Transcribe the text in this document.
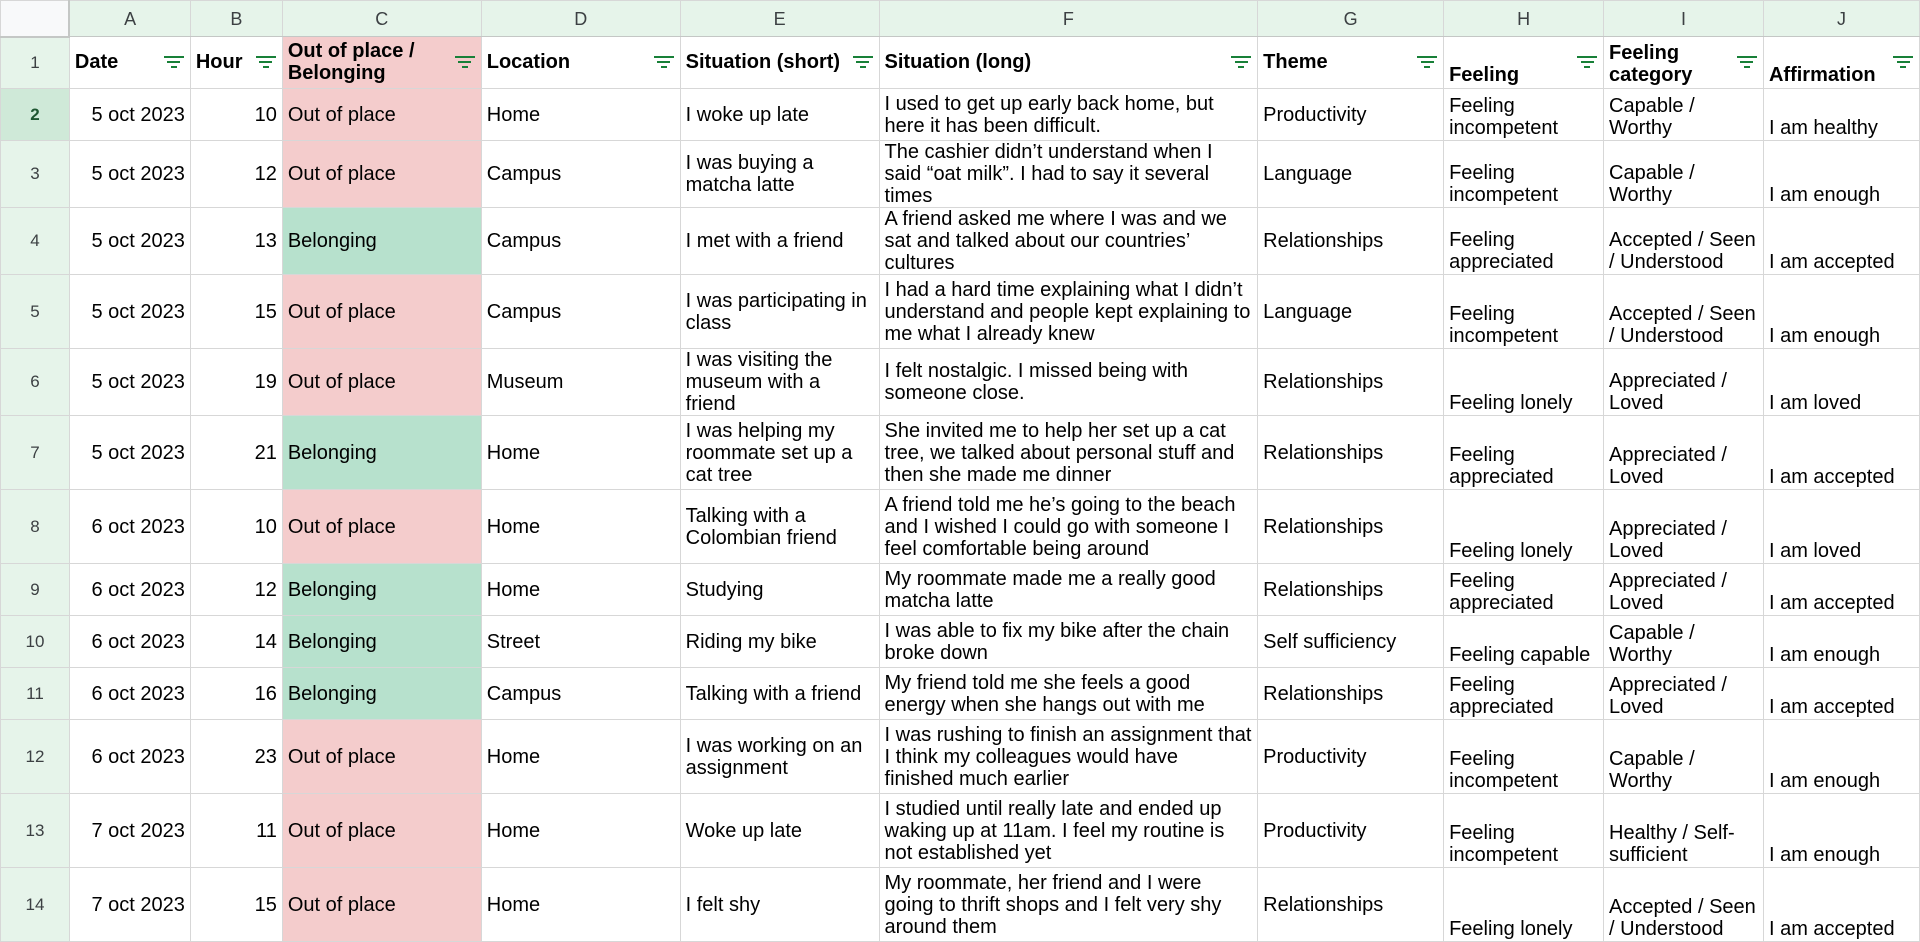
	A	B	C	D	E	F	G	H	I	J
1	Date	Hour	Out of place / Belonging	Location	Situation (short)	Situation (long)	Theme	Feeling	Feeling category	Affirmation

2	5 oct 2023	10	Out of place	Home	I woke up late	I used to get up early back home, but here it has been difficult.	Productivity	Feeling incompetent	Capable / Worthy	I am healthy
3	5 oct 2023	12	Out of place	Campus	I was buying a matcha latte	The cashier didn’t understand when I said “oat milk”. I had to say it several times	Language	Feeling incompetent	Capable / Worthy	I am enough
4	5 oct 2023	13	Belonging	Campus	I met with a friend	A friend asked me where I was and we sat and talked about our countries’ cultures	Relationships	Feeling appreciated	Accepted / Seen / Understood	I am accepted
5	5 oct 2023	15	Out of place	Campus	I was participating in class	I had a hard time explaining what I didn’t understand and people kept explaining to me what I already knew	Language	Feeling incompetent	Accepted / Seen / Understood	I am enough
6	5 oct 2023	19	Out of place	Museum	I was visiting the museum with a friend	I felt nostalgic. I missed being with someone close.	Relationships	Feeling lonely	Appreciated / Loved	I am loved
7	5 oct 2023	21	Belonging	Home	I was helping my roommate set up a cat tree	She invited me to help her set up a cat tree, we talked about personal stuff and then she made me dinner	Relationships	Feeling appreciated	Appreciated / Loved	I am accepted
8	6 oct 2023	10	Out of place	Home	Talking with a Colombian friend	A friend told me he’s going to the beach and I wished I could go with someone I feel comfortable being around	Relationships	Feeling lonely	Appreciated / Loved	I am loved
9	6 oct 2023	12	Belonging	Home	Studying	My roommate made me a really good matcha latte	Relationships	Feeling appreciated	Appreciated / Loved	I am accepted
10	6 oct 2023	14	Belonging	Street	Riding my bike	I was able to fix my bike after the chain broke down	Self sufficiency	Feeling capable	Capable / Worthy	I am enough
11	6 oct 2023	16	Belonging	Campus	Talking with a friend	My friend told me she feels a good energy when she hangs out with me	Relationships	Feeling appreciated	Appreciated / Loved	I am accepted
12	6 oct 2023	23	Out of place	Home	I was working on an assignment	I was rushing to finish an assignment that I think my colleagues would have finished much earlier	Productivity	Feeling incompetent	Capable / Worthy	I am enough
13	7 oct 2023	11	Out of place	Home	Woke up late	I studied until really late and ended up waking up at 11am. I feel my routine is not established yet	Productivity	Feeling incompetent	Healthy / Self-sufficient	I am enough
14	7 oct 2023	15	Out of place	Home	I felt shy	My roommate, her friend and I were going to thrift shops and I felt very shy around them	Relationships	Feeling lonely	Accepted / Seen / Understood	I am accepted
